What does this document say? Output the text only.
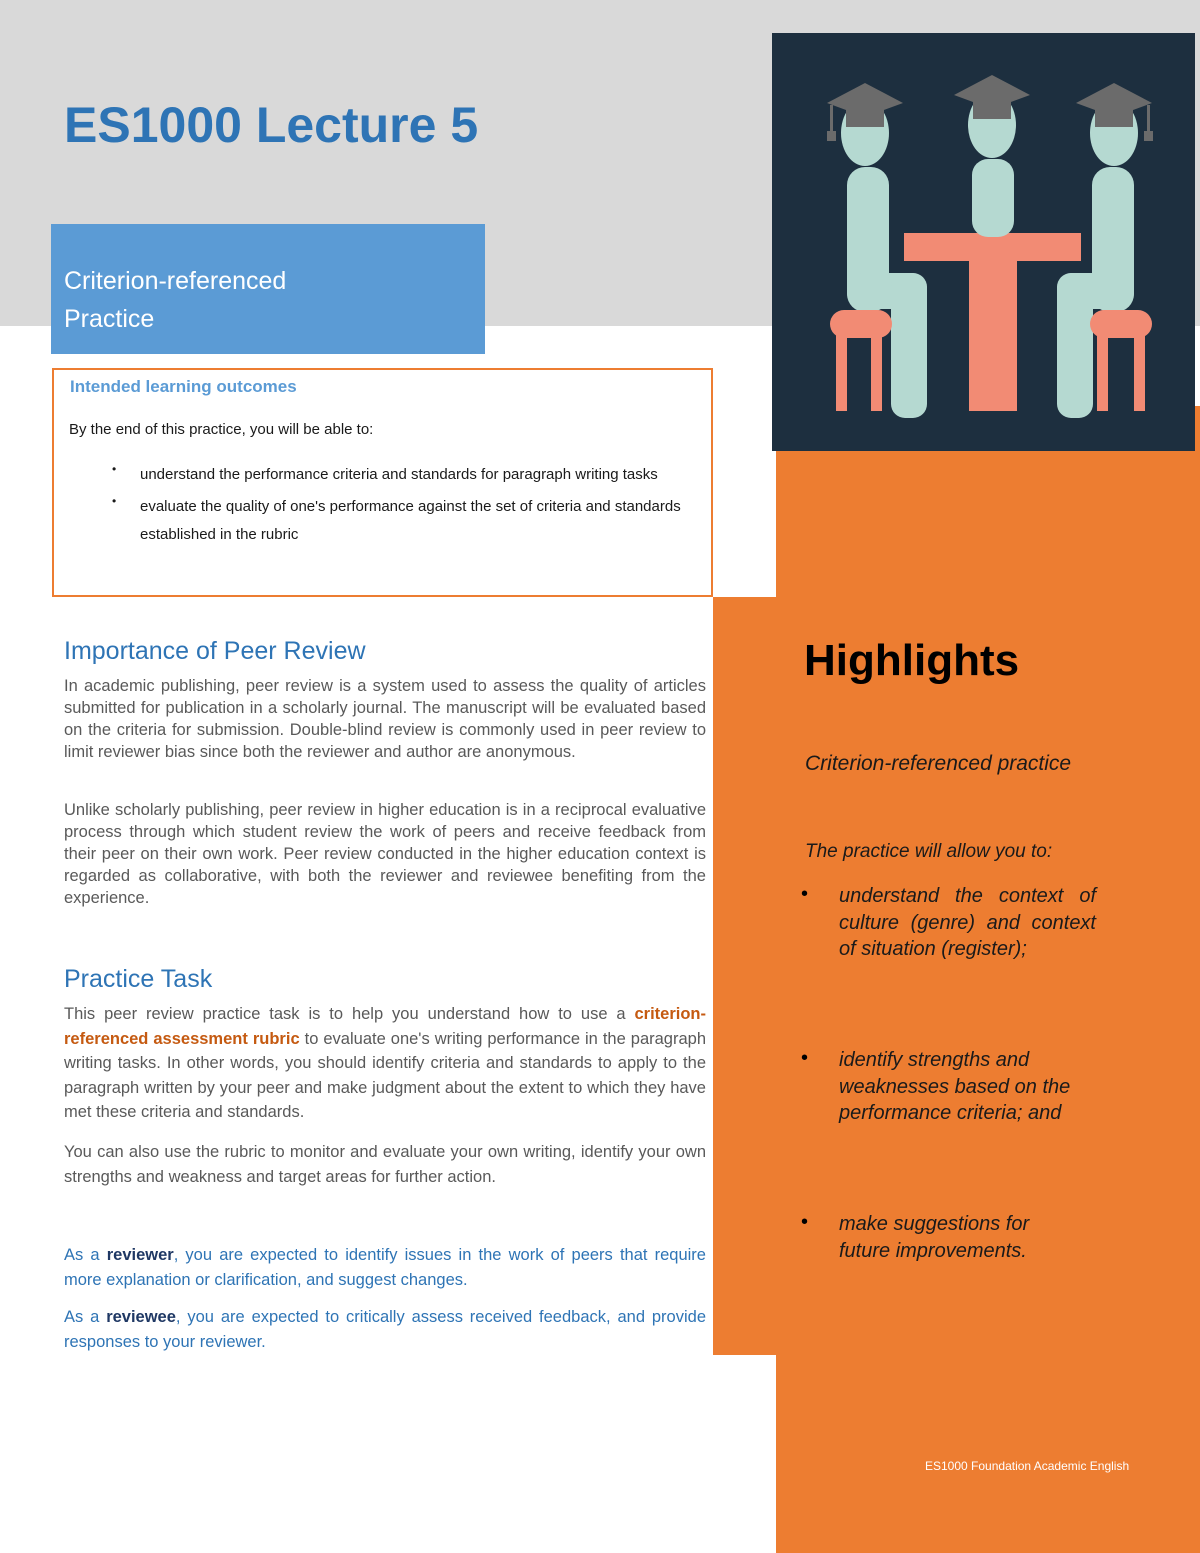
ES1000 Lecture 5
Criterion-referenced
Practice
Intended learning outcomes
By the end of this practice, you will be able to:
• understand the performance criteria and standards for paragraph writing tasks
• evaluate the quality of one's performance against the set of criteria and standards established in the rubric
Importance of Peer Review

In academic publishing, peer review is a system used to assess the quality of articles submitted for publication in a scholarly journal. The manuscript will be evaluated based on the criteria for submission. Double-blind review is commonly used in peer review to limit reviewer bias since both the reviewer and author are anonymous.

Unlike scholarly publishing, peer review in higher education is in a reciprocal evaluative process through which student review the work of peers and receive feedback from their peer on their own work. Peer review conducted in the higher education context is regarded as collaborative, with both the reviewer and reviewee benefiting from the experience.

Practice Task

This peer review practice task is to help you understand how to use a criterion-referenced assessment rubric to evaluate one's writing performance in the paragraph writing tasks. In other words, you should identify criteria and standards to apply to the paragraph written by your peer and make judgment about the extent to which they have met these criteria and standards.

You can also use the rubric to monitor and evaluate your own writing, identify your own strengths and weakness and target areas for further action.

As a reviewer, you are expected to identify issues in the work of peers that require more explanation or clarification, and suggest changes.

As a reviewee, you are expected to critically assess received feedback, and provide responses to your reviewer.

Highlights
Criterion-referenced practice
The practice will allow you to:
• understand the context of culture (genre) and context of situation (register);
• identify strengths and weaknesses based on the performance criteria; and
• make suggestions for future improvements.
ES1000 Foundation Academic English
